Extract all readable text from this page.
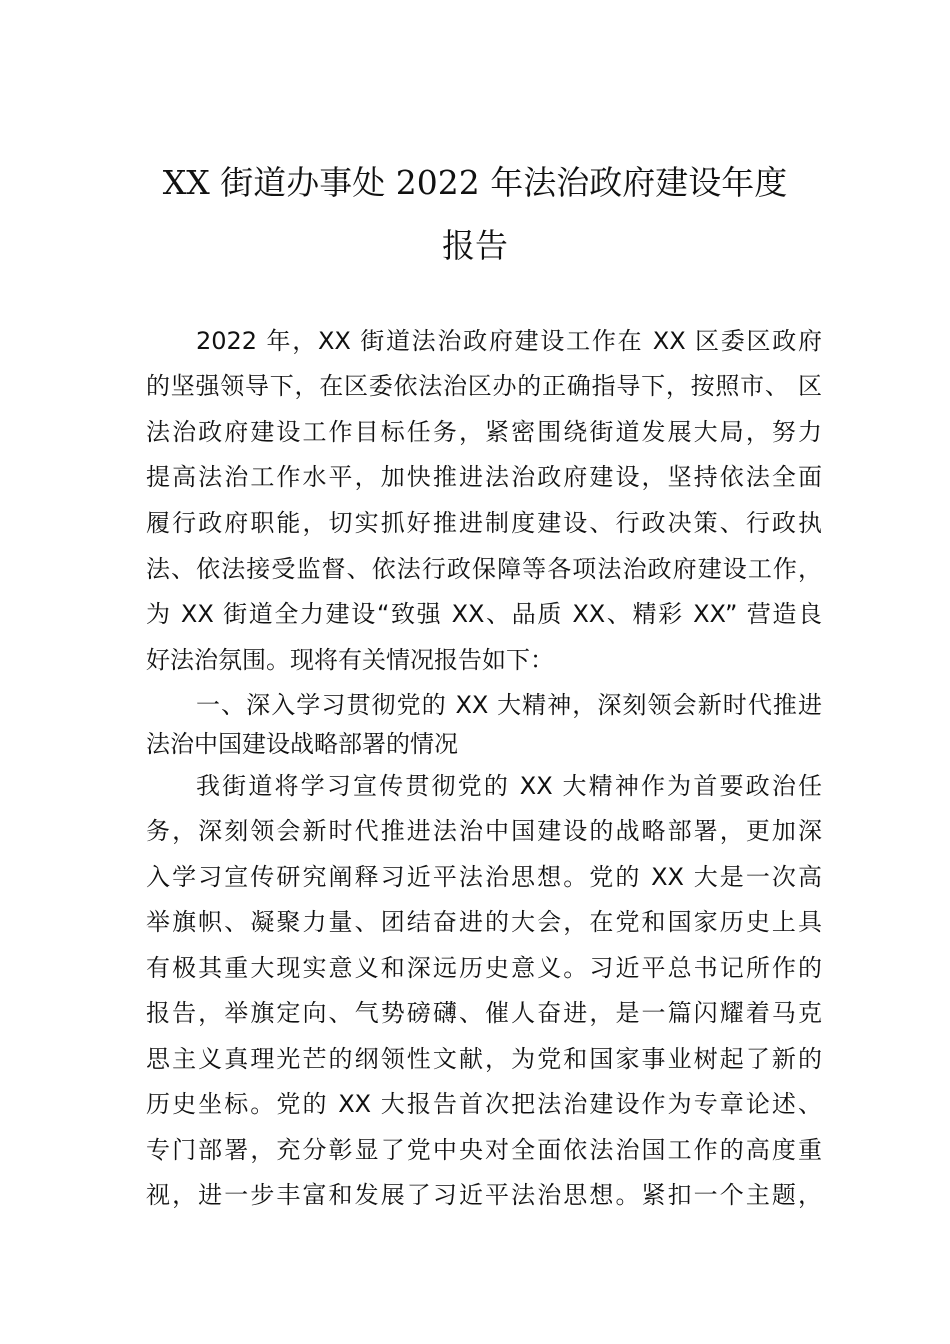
XX 街道办事处 2022 年法治政府建设年度
报告

2022 年，XX 街道法治政府建设工作在 XX 区委区政府

的坚强领导下，在区委依法治区办的正确指导下，按照市、 区

法治政府建设工作目标任务，紧密围绕街道发展大局，努力

提高法治工作水平，加快推进法治政府建设，坚持依法全面

履行政府职能，切实抓好推进制度建设、行政决策、行政执

法、依法接受监督、依法行政保障等各项法治政府建设工作，

为 XX 街道全力建设“致强 XX、品质 XX、精彩 XX” 营造良

好法治氛围。现将有关情况报告如下：

一、深入学习贯彻党的 XX 大精神，深刻领会新时代推进

法治中国建设战略部署的情况

我街道将学习宣传贯彻党的 XX 大精神作为首要政治任

务，深刻领会新时代推进法治中国建设的战略部署，更加深

入学习宣传研究阐释习近平法治思想。党的 XX 大是一次高

举旗帜、凝聚力量、团结奋进的大会，在党和国家历史上具

有极其重大现实意义和深远历史意义。习近平总书记所作的

报告，举旗定向、气势磅礴、催人奋进，是一篇闪耀着马克

思主义真理光芒的纲领性文献，为党和国家事业树起了新的

历史坐标。党的 XX 大报告首次把法治建设作为专章论述、

专门部署，充分彰显了党中央对全面依法治国工作的高度重

视，进一步丰富和发展了习近平法治思想。紧扣一个主题，
